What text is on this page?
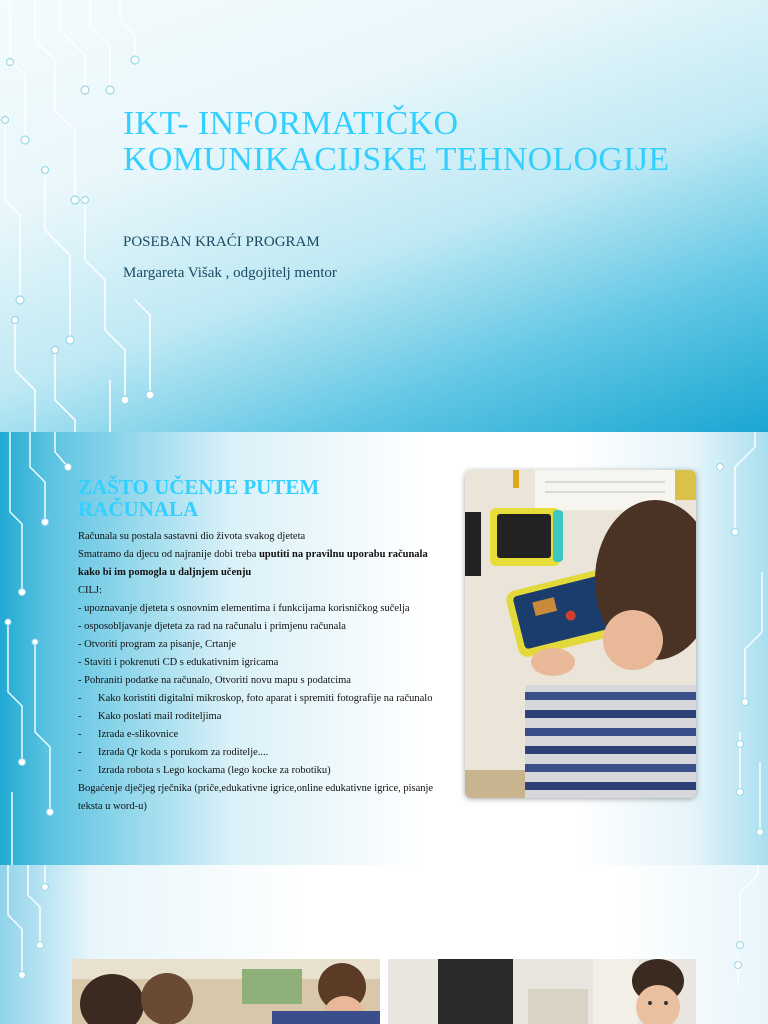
IKT- INFORMATIČKO KOMUNIKACIJSKE TEHNOLOGIJE
POSEBAN KRAĆI PROGRAM
Margareta Višak , odgojitelj mentor
ZAŠTO UČENJE PUTEM RAČUNALA

Računala su postala sastavni dio života svakog djeteta

Smatramo da djecu od najranije dobi treba uputiti na pravilnu uporabu računala kako bi im pomogla u daljnjem učenju

CILJ:

- upoznavanje djeteta s osnovnim elementima i funkcijama korisničkog sučelja
- osposobljavanje djeteta za rad na računalu i primjenu računala
- Otvoriti program za pisanje, Crtanje
- Staviti i pokrenuti CD s edukativnim igricama
- Pohraniti podatke na računalo, Otvoriti novu mapu s podatcima
- Kako koristiti digitalni mikroskop, foto aparat i spremiti fotografije na računalo
- Kako poslati mail roditeljima
- Izrada e-slikovnice
- Izrada Qr koda s porukom za roditelje....
- Izrada robota s Lego kockama (lego kocke za robotiku)

Bogaćenje dječjeg rječnika (priče,edukativne igrice,online edukativne igrice, pisanje teksta u word-u)
